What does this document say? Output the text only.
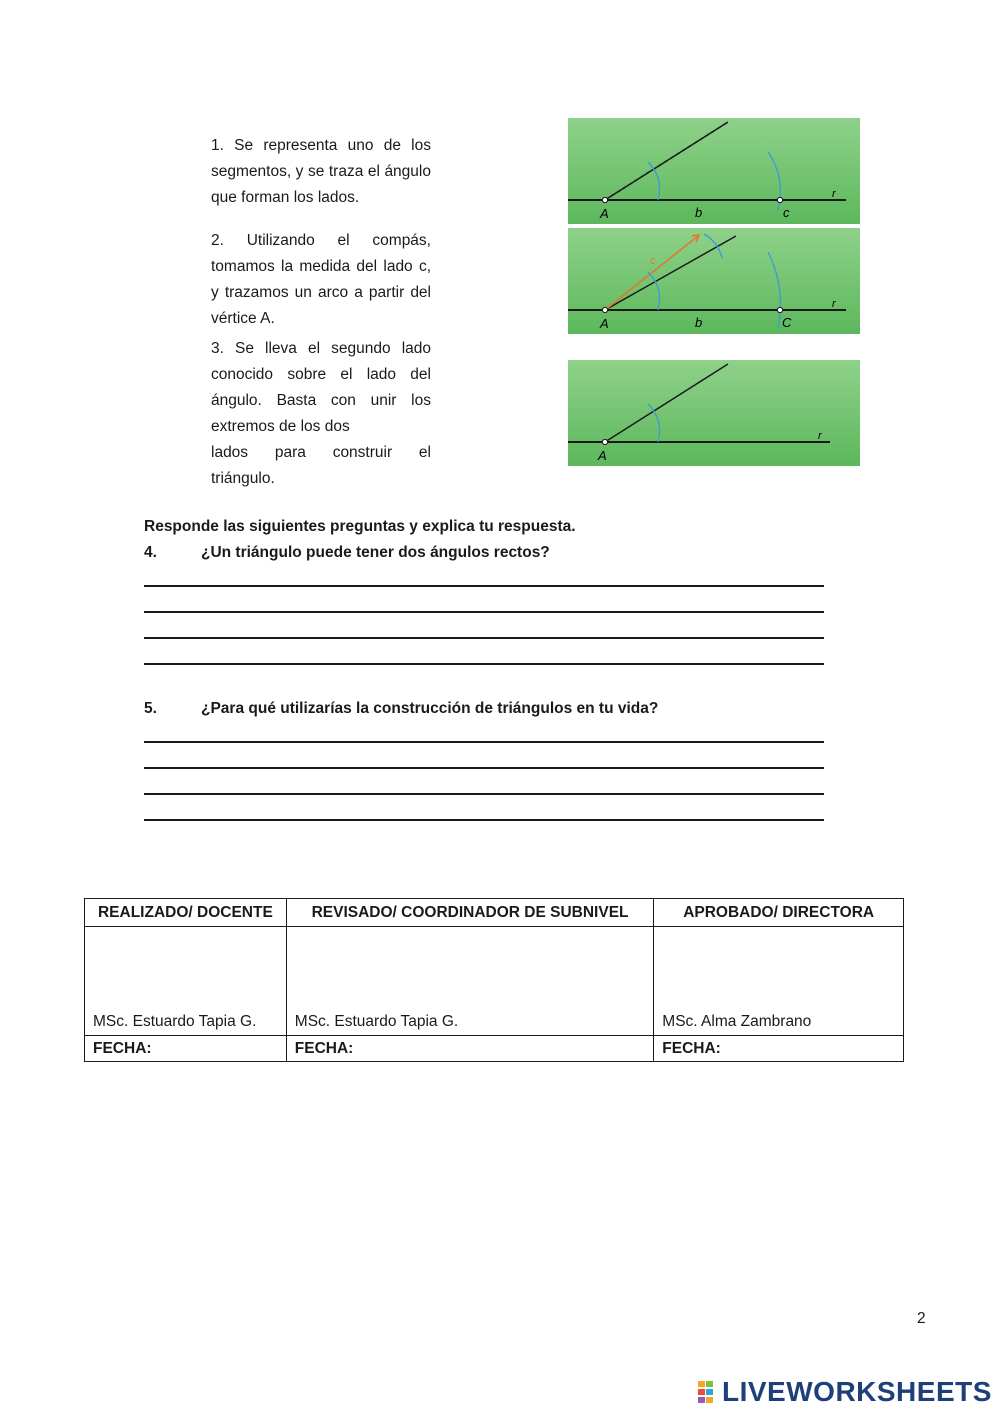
1. Se representa uno de los segmentos, y se traza el ángulo que forman los lados.
2. Utilizando el compás, tomamos la medida del lado c, y trazamos un arco a partir del vértice A.
3. Se lleva el segundo lado conocido sobre el lado del ángulo. Basta con unir los extremos de los dos
lados para construir el triángulo.
A	b	c
r
c
A	b	C
r
A
r
Responde las siguientes preguntas y explica tu respuesta.
4.	¿Un triángulo puede tener dos ángulos rectos?
5.	¿Para qué utilizarías la construcción de triángulos en tu vida?
REALIZADO/ DOCENTE	REVISADO/ COORDINADOR DE SUBNIVEL	APROBADO/ DIRECTORA
MSc. Estuardo Tapia G.	MSc. Estuardo Tapia G.	MSc. Alma Zambrano
FECHA:	FECHA:	FECHA:
2
LIVEWORKSHEETS
